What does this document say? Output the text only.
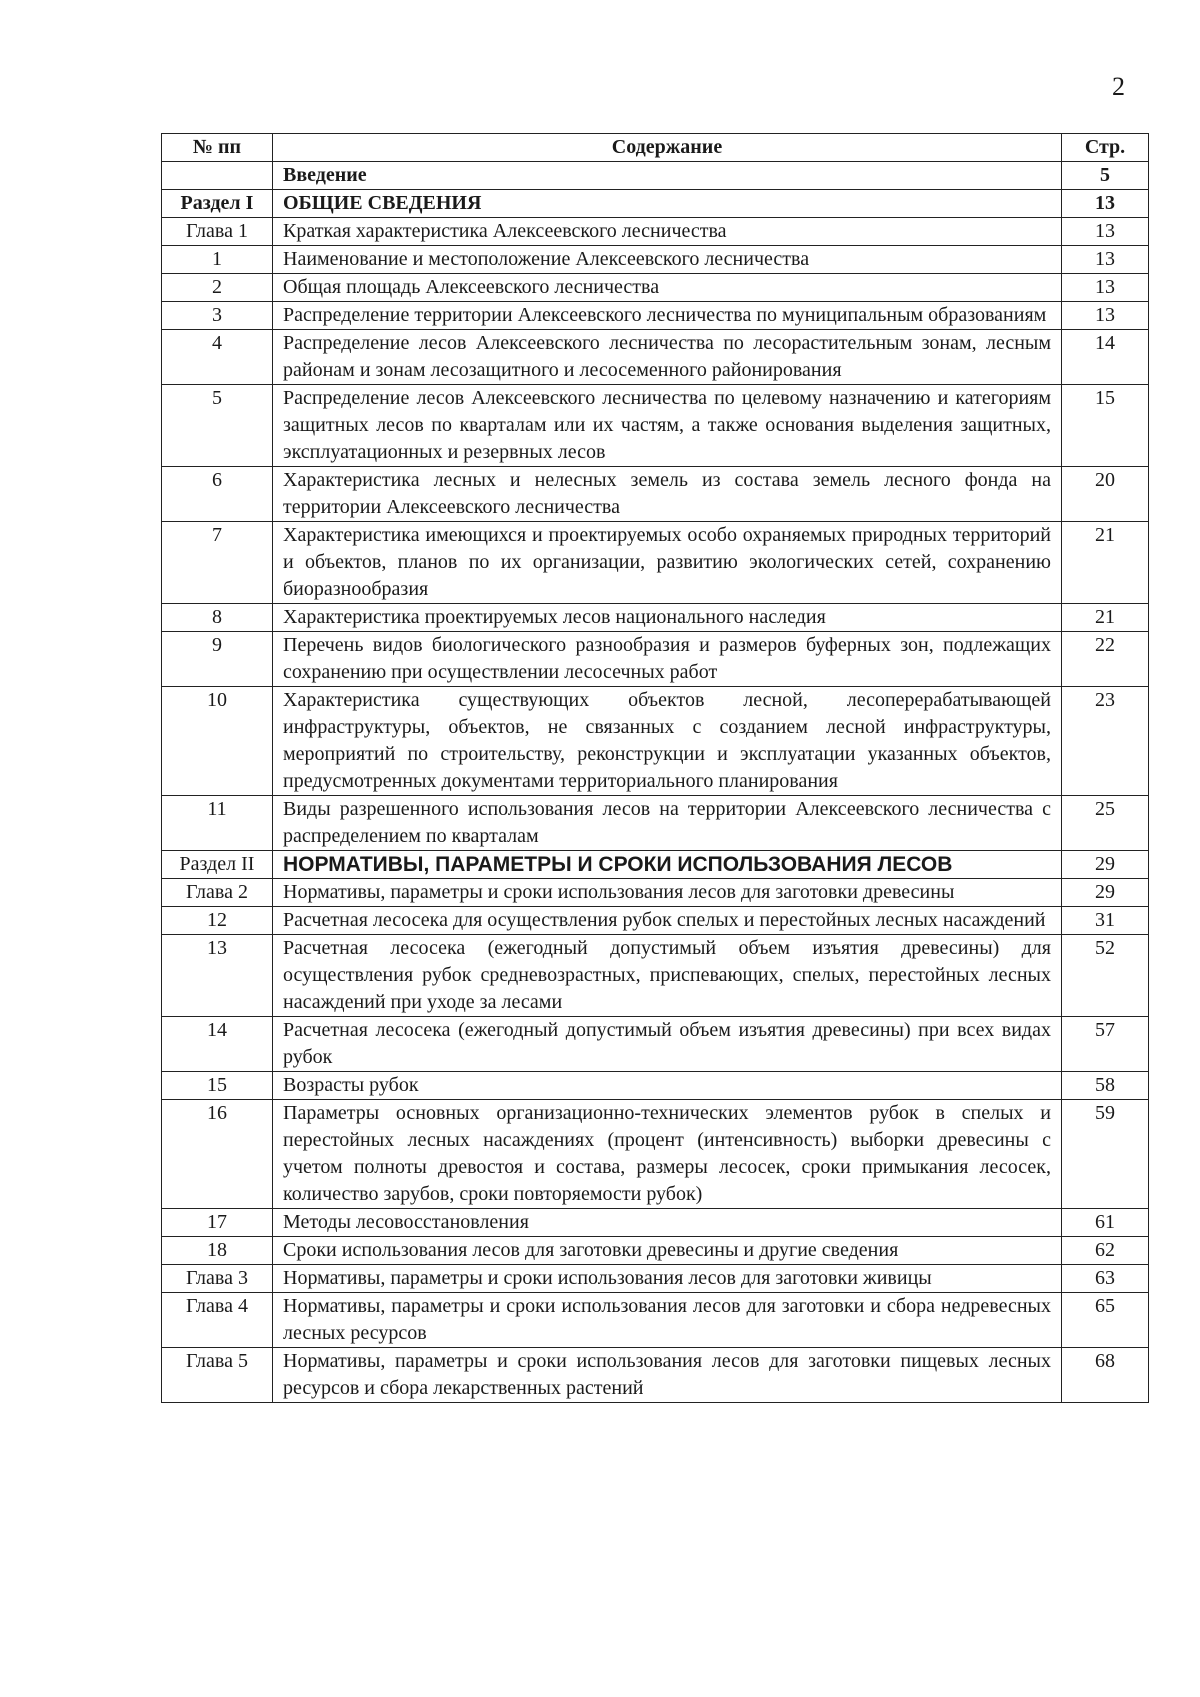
2
№ пп	Содержание	Стр.
	Введение	5
Раздел I	ОБЩИЕ СВЕДЕНИЯ	13
Глава 1	Краткая характеристика Алексеевского лесничества	13
1	Наименование и местоположение Алексеевского лесничества	13
2	Общая площадь Алексеевского лесничества	13
3	Распределение территории Алексеевского лесничества по муниципальным образованиям	13
4	Распределение лесов Алексеевского лесничества по лесорастительным зонам, лесным районам и зонам лесозащитного и лесосеменного районирования	14
5	Распределение лесов Алексеевского лесничества по целевому назначению и категориям защитных лесов по кварталам или их частям, а также основания выделения защитных, эксплуатационных и резервных лесов	15
6	Характеристика лесных и нелесных земель из состава земель лесного фонда на территории Алексеевского лесничества	20
7	Характеристика имеющихся и проектируемых особо охраняемых природных территорий и объектов, планов по их организации, развитию экологических сетей, сохранению биоразнообразия	21
8	Характеристика проектируемых лесов национального наследия	21
9	Перечень видов биологического разнообразия и размеров буферных зон, подлежащих сохранению при осуществлении лесосечных работ	22
10	Характеристика существующих объектов лесной, лесоперерабатывающей инфраструктуры, объектов, не связанных с созданием лесной инфраструктуры, мероприятий по строительству, реконструкции и эксплуатации указанных объектов, предусмотренных документами территориального планирования	23
11	Виды разрешенного использования лесов на территории Алексеевского лесничества с распределением по кварталам	25
Раздел II	НОРМАТИВЫ, ПАРАМЕТРЫ И СРОКИ ИСПОЛЬЗОВАНИЯ ЛЕСОВ	29
Глава 2	Нормативы, параметры и сроки использования лесов для заготовки древесины	29
12	Расчетная лесосека для осуществления рубок спелых и перестойных лесных насаждений	31
13	Расчетная лесосека (ежегодный допустимый объем изъятия древесины) для осуществления рубок средневозрастных, приспевающих, спелых, перестойных лесных насаждений при уходе за лесами	52
14	Расчетная лесосека (ежегодный допустимый объем изъятия древесины) при всех видах рубок	57
15	Возрасты рубок	58
16	Параметры основных организационно-технических элементов рубок в спелых и перестойных лесных насаждениях (процент (интенсивность) выборки древесины с учетом полноты древостоя и состава, размеры лесосек, сроки примыкания лесосек, количество зарубов, сроки повторяемости рубок)	59
17	Методы лесовосстановления	61
18	Сроки использования лесов для заготовки древесины и другие сведения	62
Глава 3	Нормативы, параметры и сроки использования лесов для заготовки живицы	63
Глава 4	Нормативы, параметры и сроки использования лесов для заготовки и сбора недревесных лесных ресурсов	65
Глава 5	Нормативы, параметры и сроки использования лесов для заготовки пищевых лесных ресурсов и сбора лекарственных растений	68
